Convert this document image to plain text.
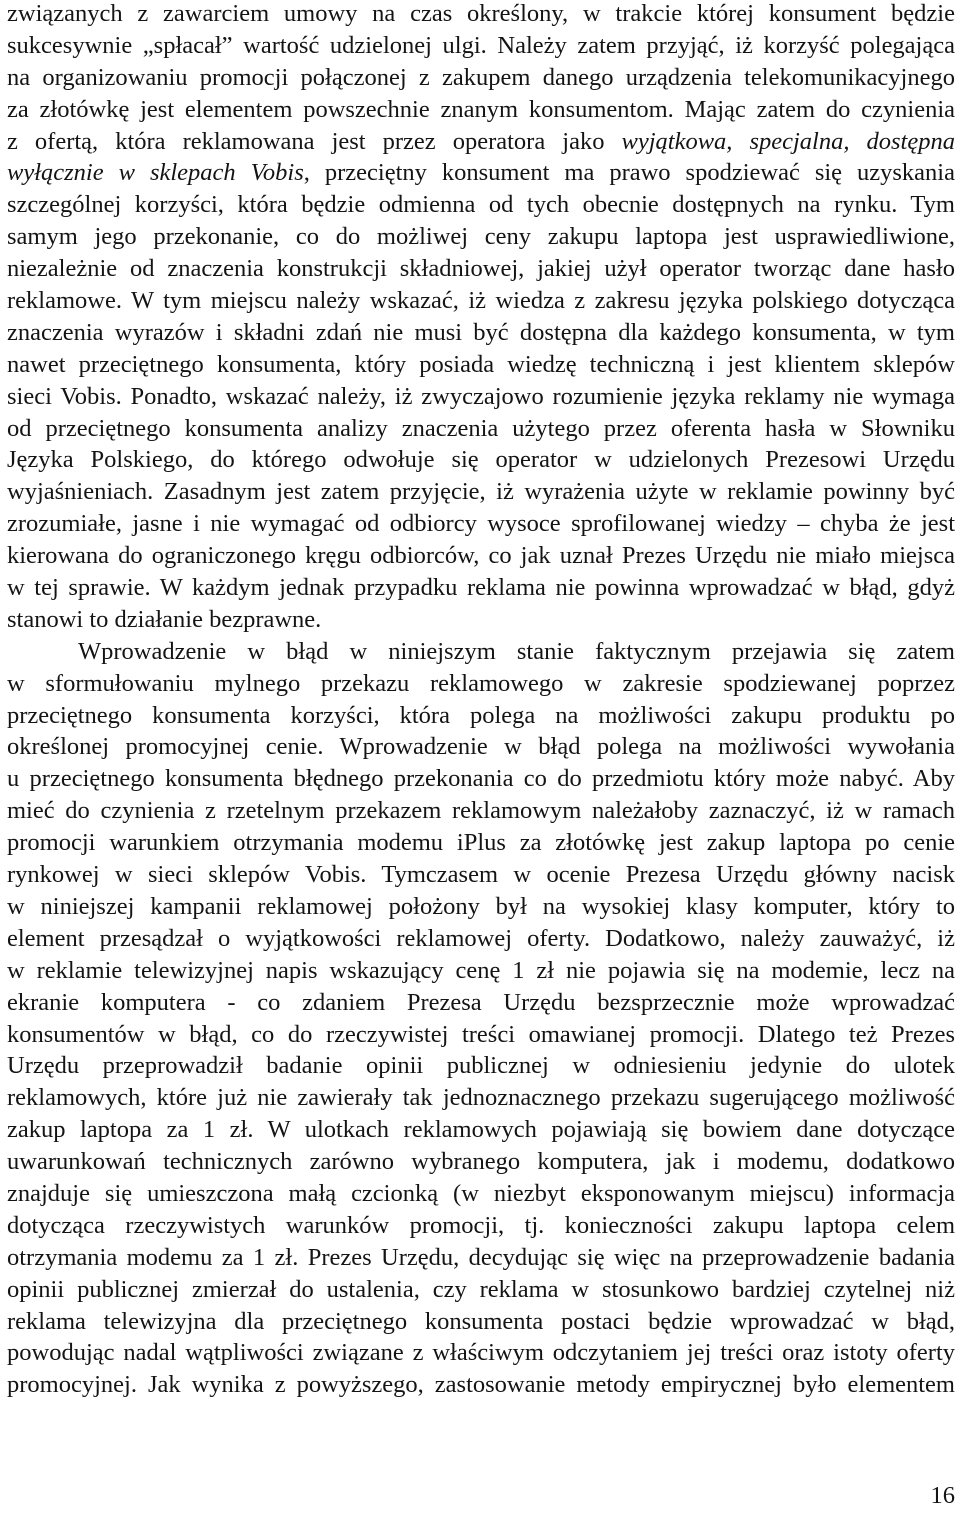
związanych z zawarciem umowy na czas określony, w trakcie której konsument będzie
sukcesywnie „spłacał” wartość udzielonej ulgi. Należy zatem przyjąć, iż korzyść polegająca
na organizowaniu promocji połączonej z zakupem danego urządzenia telekomunikacyjnego
za złotówkę jest elementem powszechnie znanym konsumentom. Mając zatem do czynienia
z ofertą, która reklamowana jest przez operatora jako wyjątkowa, specjalna, dostępna
wyłącznie w sklepach Vobis, przeciętny konsument ma prawo spodziewać się uzyskania
szczególnej korzyści, która będzie odmienna od tych obecnie dostępnych na rynku. Tym
samym jego przekonanie, co do możliwej ceny zakupu laptopa jest usprawiedliwione,
niezależnie od znaczenia konstrukcji składniowej, jakiej użył operator tworząc dane hasło
reklamowe. W tym miejscu należy wskazać, iż wiedza z zakresu języka polskiego dotycząca
znaczenia wyrazów i składni zdań nie musi być dostępna dla każdego konsumenta, w tym
nawet przeciętnego konsumenta, który posiada wiedzę techniczną i jest klientem sklepów
sieci Vobis. Ponadto, wskazać należy, iż zwyczajowo rozumienie języka reklamy nie wymaga
od przeciętnego konsumenta analizy znaczenia użytego przez oferenta hasła w Słowniku
Języka Polskiego, do którego odwołuje się operator w udzielonych Prezesowi Urzędu
wyjaśnieniach. Zasadnym jest zatem przyjęcie, iż wyrażenia użyte w reklamie powinny być
zrozumiałe, jasne i nie wymagać od odbiorcy wysoce sprofilowanej wiedzy – chyba że jest
kierowana do ograniczonego kręgu odbiorców, co jak uznał Prezes Urzędu nie miało miejsca
w tej sprawie. W każdym jednak przypadku reklama nie powinna wprowadzać w błąd, gdyż
stanowi to działanie bezprawne.
Wprowadzenie w błąd w niniejszym stanie faktycznym przejawia się zatem
w sformułowaniu mylnego przekazu reklamowego w zakresie spodziewanej poprzez
przeciętnego konsumenta korzyści, która polega na możliwości zakupu produktu po
określonej promocyjnej cenie. Wprowadzenie w błąd polega na możliwości wywołania
u przeciętnego konsumenta błędnego przekonania co do przedmiotu który może nabyć. Aby
mieć do czynienia z rzetelnym przekazem reklamowym należałoby zaznaczyć, iż w ramach
promocji warunkiem otrzymania modemu iPlus za złotówkę jest zakup laptopa po cenie
rynkowej w sieci sklepów Vobis. Tymczasem w ocenie Prezesa Urzędu główny nacisk
w niniejszej kampanii reklamowej położony był na wysokiej klasy komputer, który to
element przesądzał o wyjątkowości reklamowej oferty. Dodatkowo, należy zauważyć, iż
w reklamie telewizyjnej napis wskazujący cenę 1 zł nie pojawia się na modemie, lecz na
ekranie komputera - co zdaniem Prezesa Urzędu bezsprzecznie może wprowadzać
konsumentów w błąd, co do rzeczywistej treści omawianej promocji. Dlatego też Prezes
Urzędu przeprowadził badanie opinii publicznej w odniesieniu jedynie do ulotek
reklamowych, które już nie zawierały tak jednoznacznego przekazu sugerującego możliwość
zakup laptopa za 1 zł. W ulotkach reklamowych pojawiają się bowiem dane dotyczące
uwarunkowań technicznych zarówno wybranego komputera, jak i modemu, dodatkowo
znajduje się umieszczona małą czcionką (w niezbyt eksponowanym miejscu) informacja
dotycząca rzeczywistych warunków promocji, tj. konieczności zakupu laptopa celem
otrzymania modemu za 1 zł. Prezes Urzędu, decydując się więc na przeprowadzenie badania
opinii publicznej zmierzał do ustalenia, czy reklama w stosunkowo bardziej czytelnej niż
reklama telewizyjna dla przeciętnego konsumenta postaci będzie wprowadzać w błąd,
powodując nadal wątpliwości związane z właściwym odczytaniem jej treści oraz istoty oferty
promocyjnej. Jak wynika z powyższego, zastosowanie metody empirycznej było elementem
16
